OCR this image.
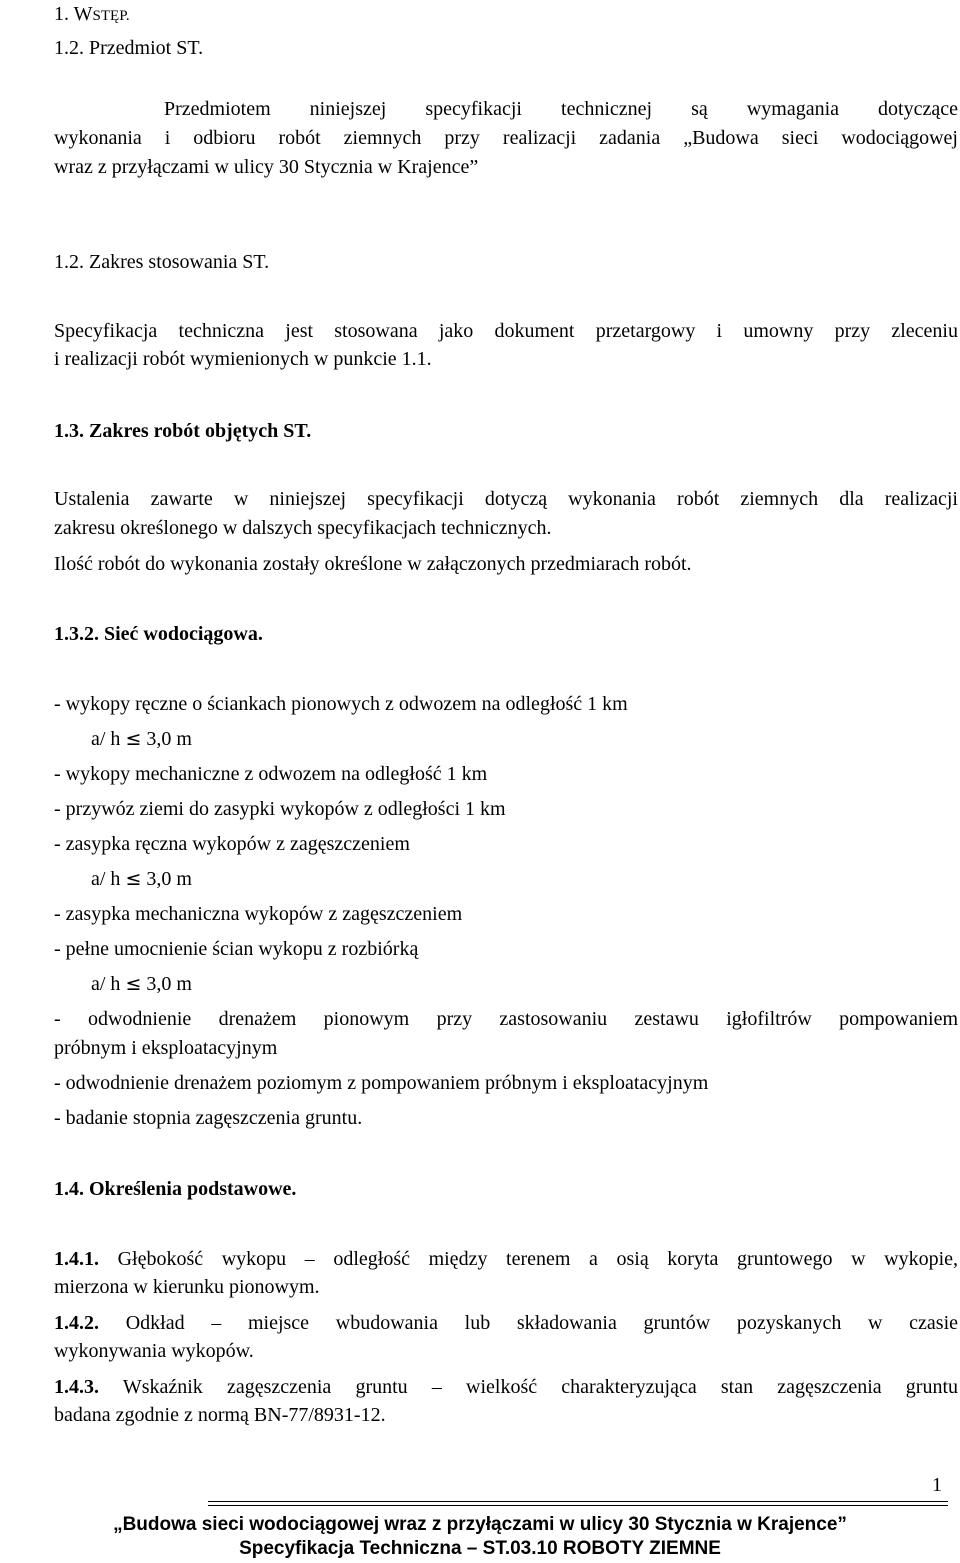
1. WSTĘP.
1.2. Przedmiot ST.
Przedmiotem niniejszej specyfikacji technicznej są wymagania dotyczące
wykonania i odbioru robót ziemnych przy realizacji zadania „Budowa sieci wodociągowej
wraz z przyłączami w ulicy 30 Stycznia w Krajence”
1.2. Zakres stosowania ST.
Specyfikacja techniczna jest stosowana jako dokument przetargowy i umowny przy zleceniu
i realizacji robót wymienionych w punkcie 1.1.
1.3. Zakres robót objętych ST.
Ustalenia zawarte w niniejszej specyfikacji dotyczą wykonania robót ziemnych dla realizacji
zakresu określonego w dalszych specyfikacjach technicznych.
Ilość robót do wykonania zostały określone w załączonych przedmiarach robót.
1.3.2. Sieć wodociągowa.
- wykopy ręczne o ściankach pionowych z odwozem na odległość 1 km
a/ h ≤ 3,0 m
- wykopy mechaniczne z odwozem na odległość 1 km
- przywóz ziemi do zasypki wykopów z odległości 1 km
- zasypka ręczna wykopów z zagęszczeniem
a/ h ≤ 3,0 m
- zasypka mechaniczna wykopów z zagęszczeniem
- pełne umocnienie ścian wykopu z rozbiórką
a/ h ≤ 3,0 m
- odwodnienie drenażem pionowym przy zastosowaniu zestawu igłofiltrów pompowaniem
próbnym i eksploatacyjnym
- odwodnienie drenażem poziomym z pompowaniem próbnym i eksploatacyjnym
- badanie stopnia zagęszczenia gruntu.
1.4. Określenia podstawowe.
1.4.1. Głębokość wykopu – odległość między terenem a osią koryta gruntowego w wykopie,
mierzona w kierunku pionowym.
1.4.2. Odkład – miejsce wbudowania lub składowania gruntów pozyskanych w czasie
wykonywania wykopów.
1.4.3. Wskaźnik zagęszczenia gruntu – wielkość charakteryzująca stan zagęszczenia gruntu
badana zgodnie z normą BN-77/8931-12.
1
„Budowa sieci wodociągowej wraz z przyłączami w ulicy 30 Stycznia w Krajence”
Specyfikacja Techniczna – ST.03.10 ROBOTY ZIEMNE
